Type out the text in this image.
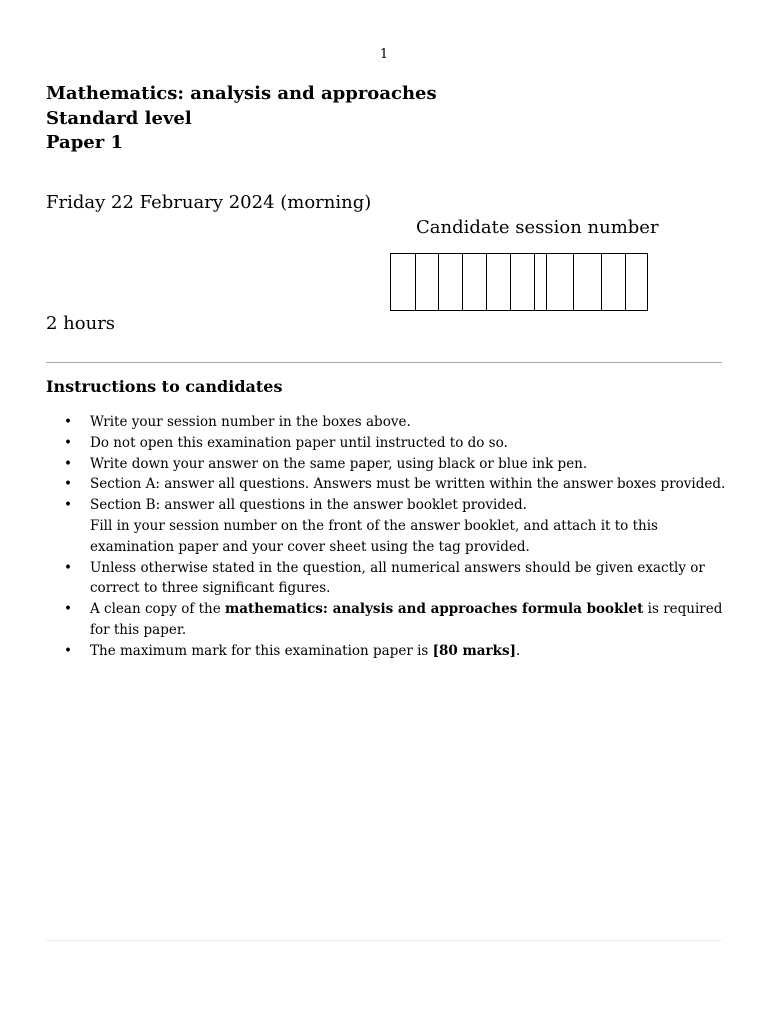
1
Mathematics: analysis and approaches
Standard level
Paper 1
Friday 22 February 2024 (morning)
Candidate session number
2 hours
Instructions to candidates
• Write your session number in the boxes above.
• Do not open this examination paper until instructed to do so.
• Write down your answer on the same paper, using black or blue ink pen.
• Section A: answer all questions. Answers must be written within the answer boxes provided.
• Section B: answer all questions in the answer booklet provided.
Fill in your session number on the front of the answer booklet, and attach it to this
examination paper and your cover sheet using the tag provided.
• Unless otherwise stated in the question, all numerical answers should be given exactly or correct to three significant figures.
• A clean copy of the mathematics: analysis and approaches formula booklet is required for this paper.
• The maximum mark for this examination paper is [80 marks].
